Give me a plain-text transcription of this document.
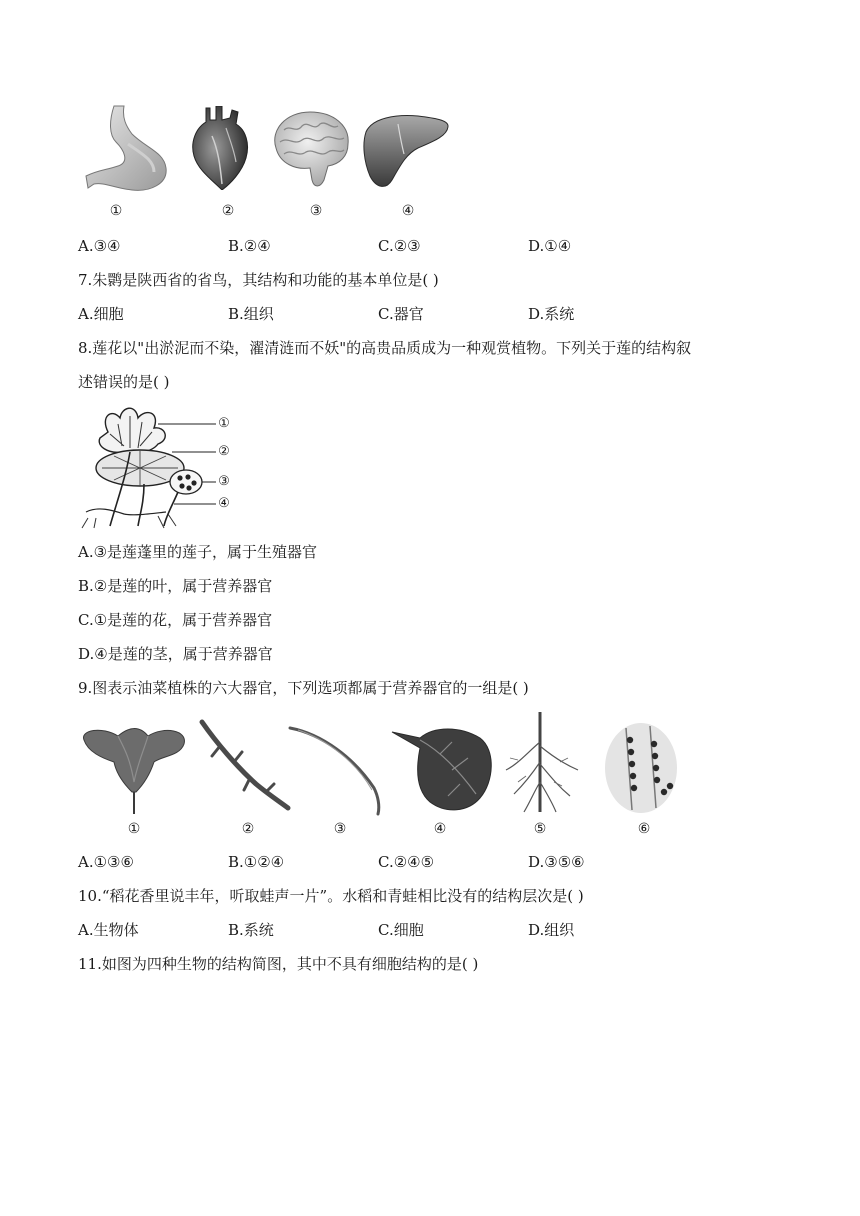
①	②	③	④
A.③④	B.②④	C.②③	D.①④
7.朱鹮是陕西省的省鸟，其结构和功能的基本单位是( )
A.细胞	B.组织	C.器官	D.系统
8.莲花以"出淤泥而不染，濯清涟而不妖"的高贵品质成为一种观赏植物。下列关于莲的结构叙
述错误的是( )
①
②
③
④
A.③是莲蓬里的莲子，属于生殖器官
B.②是莲的叶，属于营养器官
C.①是莲的花，属于营养器官
D.④是莲的茎，属于营养器官
9.图表示油菜植株的六大器官，下列选项都属于营养器官的一组是( )
①	②	③	④	⑤	⑥
A.①③⑥	B.①②④	C.②④⑤	D.③⑤⑥
10.“稻花香里说丰年，听取蛙声一片”。水稻和青蛙相比没有的结构层次是( )
A.生物体	B.系统	C.细胞	D.组织
11.如图为四种生物的结构简图，其中不具有细胞结构的是( )
